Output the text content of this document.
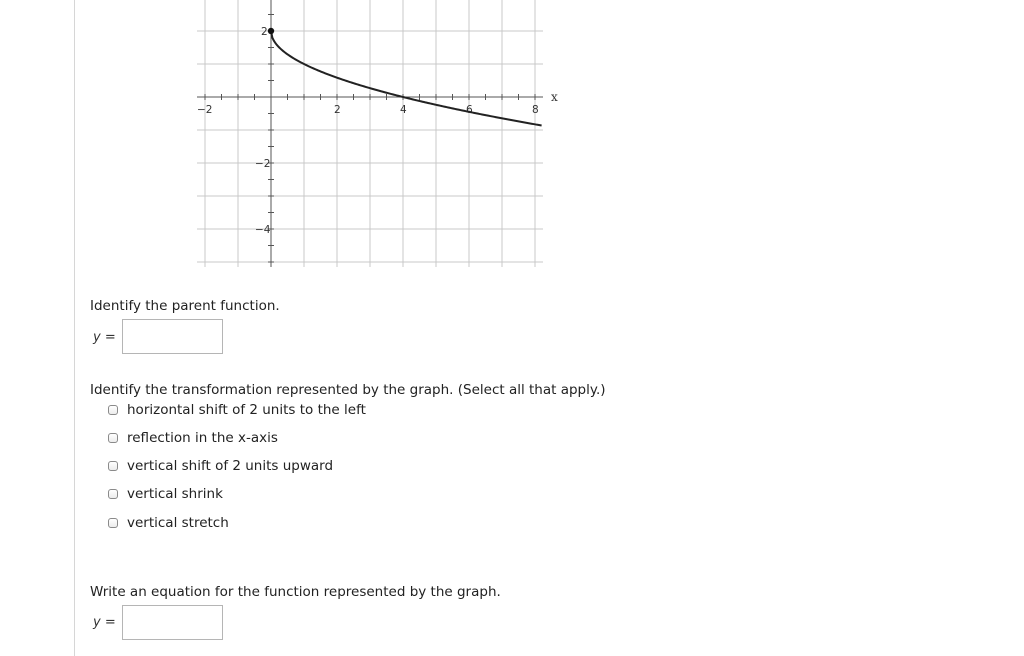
−2	2	4	6	8
2
−2
−4
x
Identify the parent function.
y =
Identify the transformation represented by the graph. (Select all that apply.)
horizontal shift of 2 units to the left
reflection in the x-axis
vertical shift of 2 units upward
vertical shrink
vertical stretch
Write an equation for the function represented by the graph.
y =
